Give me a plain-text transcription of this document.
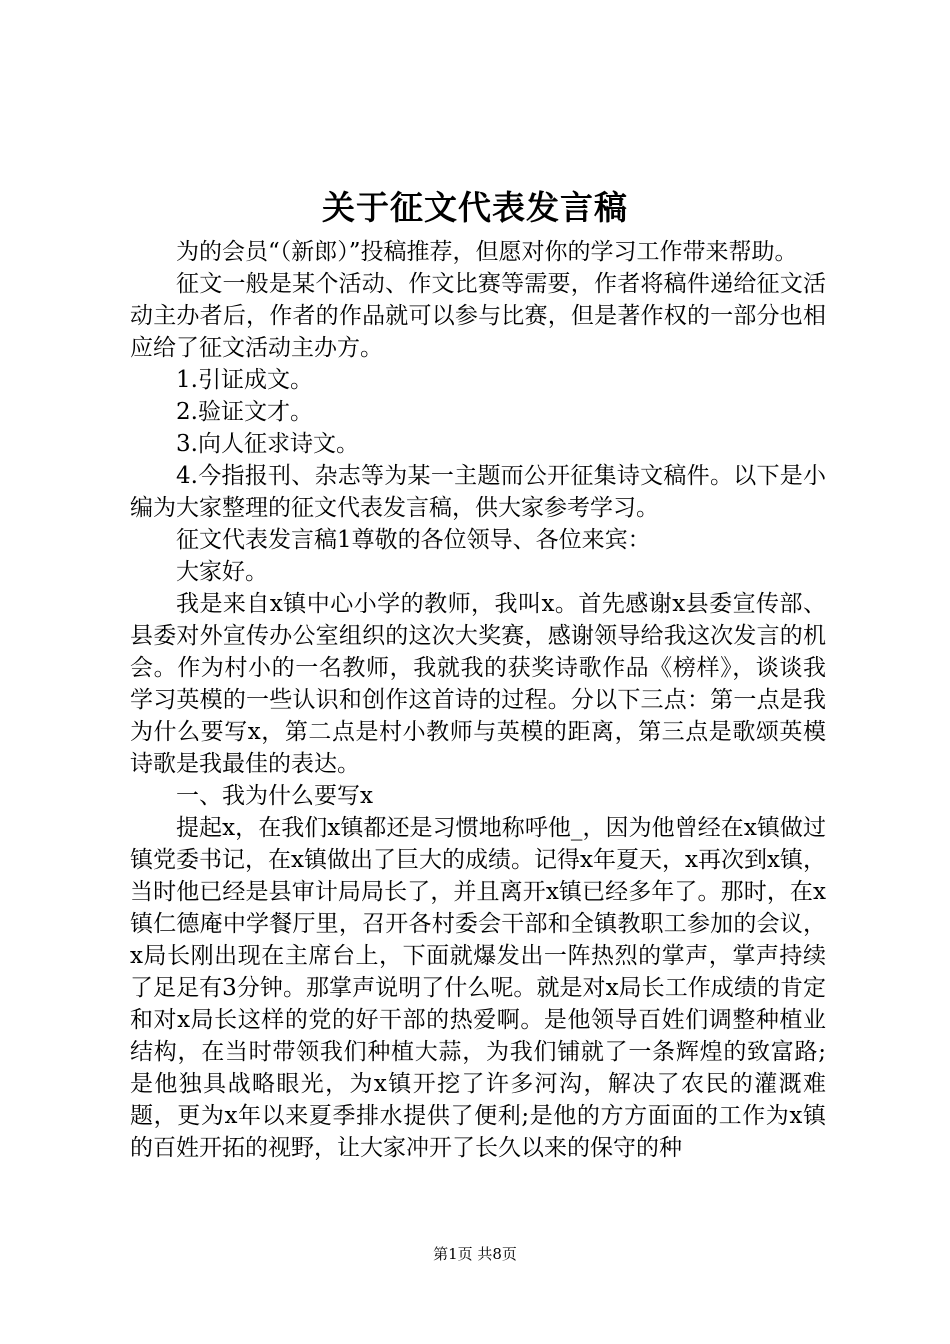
关于征文代表发言稿

为的会员“（新郎）”投稿推荐，但愿对你的学习工作带来帮助。

征文一般是某个活动、作文比赛等需要，作者将稿件递给征文活动主办者后，作者的作品就可以参与比赛，但是著作权的一部分也相应给了征文活动主办方。

1.引证成文。

2.验证文才。

3.向人征求诗文。

4.今指报刊、杂志等为某一主题而公开征集诗文稿件。以下是小编为大家整理的征文代表发言稿，供大家参考学习。

征文代表发言稿1尊敬的各位领导、各位来宾：

大家好。

我是来自x镇中心小学的教师，我叫x。首先感谢x县委宣传部、县委对外宣传办公室组织的这次大奖赛，感谢领导给我这次发言的机会。作为村小的一名教师，我就我的获奖诗歌作品《榜样》，谈谈我学习英模的一些认识和创作这首诗的过程。分以下三点：第一点是我为什么要写x，第二点是村小教师与英模的距离，第三点是歌颂英模诗歌是我最佳的表达。

一、我为什么要写x

提起x，在我们x镇都还是习惯地称呼他_，因为他曾经在x镇做过镇党委书记，在x镇做出了巨大的成绩。记得x年夏天，x再次到x镇，当时他已经是县审计局局长了，并且离开x镇已经多年了。那时，在x镇仁德庵中学餐厅里，召开各村委会干部和全镇教职工参加的会议，x局长刚出现在主席台上，下面就爆发出一阵热烈的掌声，掌声持续了足足有3分钟。那掌声说明了什么呢。就是对x局长工作成绩的肯定和对x局长这样的党的好干部的热爱啊。是他领导百姓们调整种植业结构，在当时带领我们种植大蒜，为我们铺就了一条辉煌的致富路;是他独具战略眼光，为x镇开挖了许多河沟，解决了农民的灌溉难题，更为x年以来夏季排水提供了便利;是他的方方面面的工作为x镇的百姓开拓的视野，让大家冲开了长久以来的保守的种

第1页 共8页
